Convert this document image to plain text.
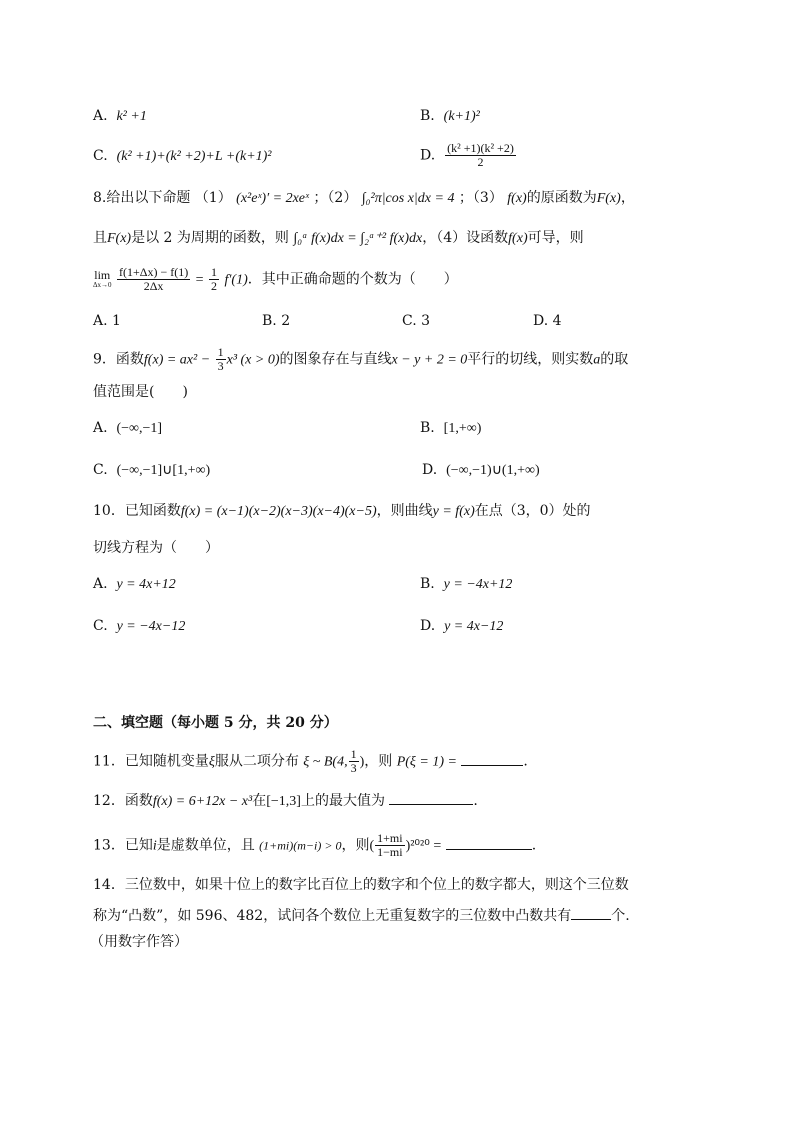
A. k² +1	B. (k+1)²
C. (k² +1)+(k² +2)+L +(k+1)²	D. $\frac{\text{(k² +1)(k² +2)}}{2}$
8.给出以下命题 （1） (x²eˣ)′ = 2xeˣ ；（2） ∫₀²π|cos x|dx = 4 ；（3） f(x)的原函数为F(x)，
且F(x)是以 2 为周期的函数，则 ∫₀ᵃ f(x)dx = ∫₂ᵃ⁺² f(x)dx，（4）设函数f(x)可导，则
lim
Δx→0
$\frac{f(1+\Delta x) - f(1)}{2\Delta x} = \frac{1}{2} f'(1)$．其中正确命题的个数为（　　）
A. 1	B. 2	C. 3	D. 4
9．函数$f(x) = ax^2 - \frac{1}{3} x^3$ (x > 0)的图象存在与直线x − y + 2 = 0平行的切线，则实数a的取
值范围是(　　)
A. (−∞,−1]	B. [1,+∞)
C. (−∞,−1]∪[1,+∞)	D. (−∞,−1)∪(1,+∞)
10．已知函数f(x) = (x−1)(x−2)(x−3)(x−4)(x−5)，则曲线y = f(x)在点（3，0）处的
切线方程为（　　）
A. y = 4x+12	B. y = −4x+12
C. y = −4x−12	D. y = 4x−12
二、填空题（每小题 5 分，共 20 分）
11．已知随机变量ξ服从二项分布 ξ ~ B(4, $\frac{1}{3}$ )，则 P(ξ = 1) =	.
12．函数f(x) = 6+12x − x³在[−1,3]上的最大值为	.
13．已知i是虚数单位，且 (1+mi)(m−i) > 0，则( $\frac{1+mi}{1-mi} )^{2020}$ =	.
14．三位数中，如果十位上的数字比百位上的数字和个位上的数字都大，则这个三位数
称为“凸数”，如 596、482，试问各个数位上无重复数字的三位数中凸数共有	个.
（用数字作答）
